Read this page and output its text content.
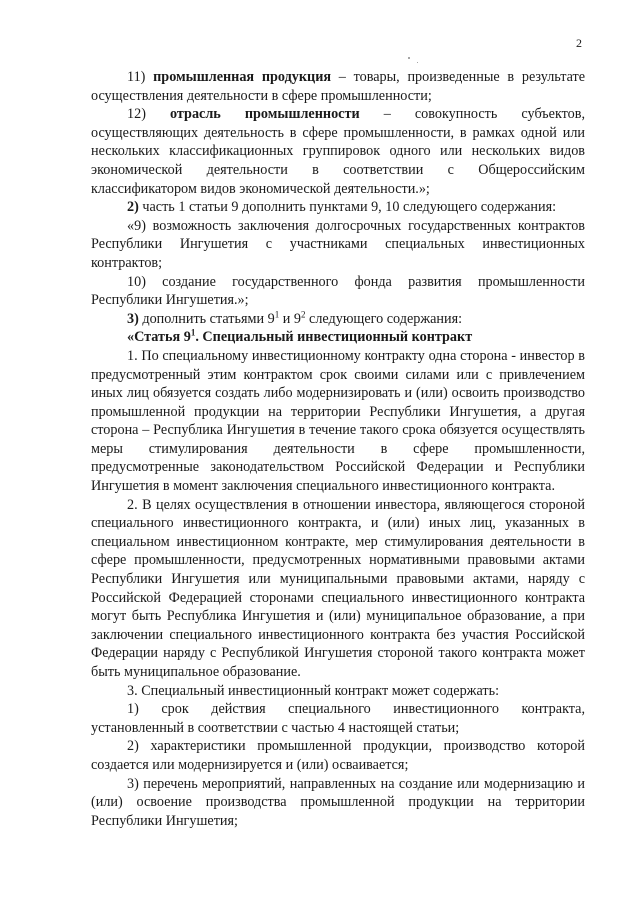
2

11) промышленная продукция – товары, произведенные в результате осуществления деятельности в сфере промышленности;

12) отрасль промышленности – совокупность субъектов, осуществляющих деятельность в сфере промышленности, в рамках одной или нескольких классификационных группировок одного или нескольких видов экономической деятельности в соответствии с Общероссийским классификатором видов экономической деятельности.»;

2) часть 1 статьи 9 дополнить пунктами 9, 10 следующего содержания:

«9) возможность заключения долгосрочных государственных контрактов Республики Ингушетия с участниками специальных инвестиционных контрактов;

10) создание государственного фонда развития промышленности Республики Ингушетия.»;

3) дополнить статьями $9^1$ и $9^2$ следующего содержания:

«Статья $9^1$. Специальный инвестиционный контракт

1. По специальному инвестиционному контракту одна сторона - инвестор в предусмотренный этим контрактом срок своими силами или с привлечением иных лиц обязуется создать либо модернизировать и (или) освоить производство промышленной продукции на территории Республики Ингушетия, а другая сторона – Республика Ингушетия в течение такого срока обязуется осуществлять меры стимулирования деятельности в сфере промышленности, предусмотренные законодательством Российской Федерации и Республики Ингушетия в момент заключения специального инвестиционного контракта.

2. В целях осуществления в отношении инвестора, являющегося стороной специального инвестиционного контракта, и (или) иных лиц, указанных в специальном инвестиционном контракте, мер стимулирования деятельности в сфере промышленности, предусмотренных нормативными правовыми актами Республики Ингушетия или муниципальными правовыми актами, наряду с Российской Федерацией сторонами специального инвестиционного контракта могут быть Республика Ингушетия и (или) муниципальное образование, а при заключении специального инвестиционного контракта без участия Российской Федерации наряду с Республикой Ингушетия стороной такого контракта может быть муниципальное образование.

3. Специальный инвестиционный контракт может содержать:

1) срок действия специального инвестиционного контракта, установленный в соответствии с частью 4 настоящей статьи;

2) характеристики промышленной продукции, производство которой создается или модернизируется и (или) осваивается;

3) перечень мероприятий, направленных на создание или модернизацию и (или) освоение производства промышленной продукции на территории Республики Ингушетия;
